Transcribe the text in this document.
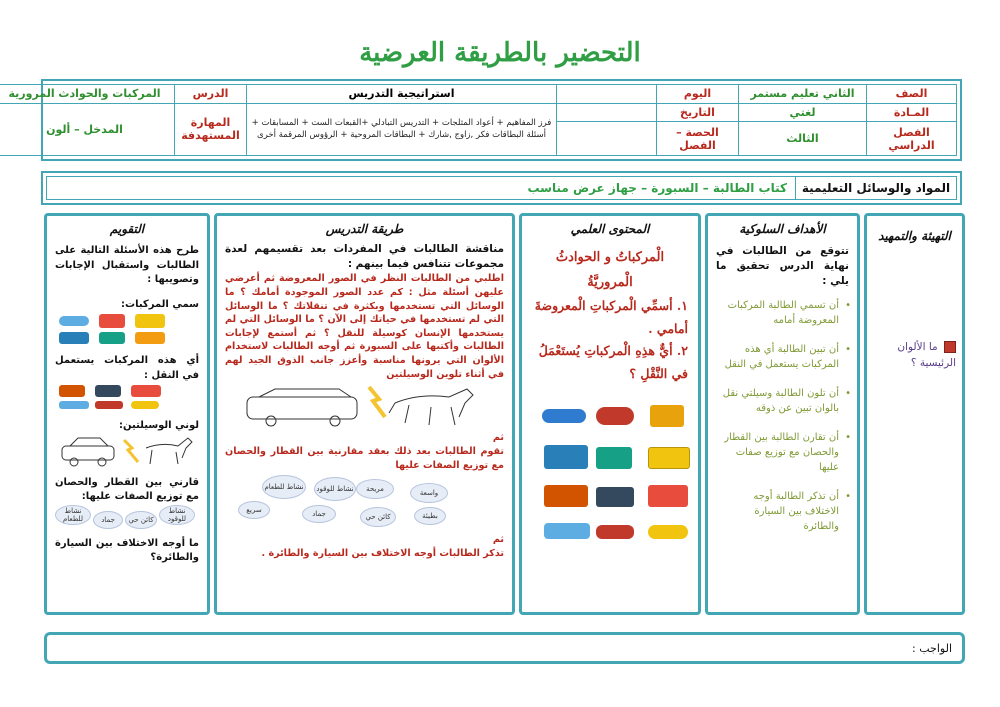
التحضير بالطريقة العرضية
الصف	الثاني تعليم مستمر	اليوم		استراتيجية التدريس	الدرس	المركبات والحوادث المرورية
المـادة	لغتي	التاريخ		فرز المفاهيم + أعواد المثلجات + التدريس التبادلي +القبعات الست + المسابقات + أسئلة البطاقات فكر ,زاوج ,شارك + البطاقات المروحية + الرؤوس المرقمة أخرى	المهارة المستهدفة	المدخل – ألون
الفصل الدراسي	الثالث	الحصة – الفصل				
المواد والوسائل التعليمية
كتاب الطالبة – السبورة – جهاز عرض مناسب
التهيئة والتمهيد
ما الألوان الرئيسية ؟
الأهداف السلوكية
تتوقع من الطالبات في نهاية الدرس تحقيق ما يلي :
• أن تسمي الطالبة المركبات المعروضة أمامه
• أن تبين الطالبة أي هذه المركبات يستعمل في النقل
• أن تلون الطالبة وسيلتي نقل بالوان تبين عن ذوقه
• أن تقارن الطالبة بين القطار والحصان مع توزيع صفات عليها
• أن تذكر الطالبة أوجه الاختلاف بين السيارة والطائرة
المحتوى العلمي
الْمركباتُ و الحوادثُ الْمروريَّةُ
١. أسمِّي الْمركباتِ الْمعروضةَ أمامي .
٢. أيٌّ هذِهِ الْمركباتِ يُستَعْمَلُ في النَّقْلِ ؟
طريقة التدريس
مناقشة الطالبات في المفردات بعد تقسيمهم لعدة مجموعات تتنافس فيما بينهم :
اطلبي من الطالبات النظر في الصور المعروضة ثم أعرضي عليهن أسئلة مثل : كم عدد الصور الموجودة أمامك ؟ ما الوسائل التي تستخدمها وبكثرة في تنقلاتك ؟ ما الوسائل التي لم تستخدمها في حياتك إلى الآن ؟ ما الوسائل التي لم يستخدمها الإنسان كوسيلة للنقل ؟ ثم أستمع لإجابات الطالبات وأكتبها على السبورة ثم أوجه الطالبات لاستخدام الألوان التي يرونها مناسبة وأعزز جانب الذوق الجيد لهم في أثناء تلوين الوسيلتين
ثم
تقوم الطالبات بعد ذلك بعقد مقارنية بين القطار والحصان مع توزيع الصفات عليها
نشاط للطعام	مريحة	واسعة
بطيئة
نشاط للوقود
جماد	كائن حي
سريع
ثم
تذكر الطالبات أوجه الاختلاف بين السيارة والطائرة .
التقويم
طرح هذه الأسئلة التالية على الطالبات واستقبال الإجابات وتصويبها :
سمي المركبات:
أي هذه المركبات يستعمل في النقل :
لوني الوسيلتين:
قارني بين القطار والحصان مع توزيع الصفات عليها:
نشاط للوقود
كائن حي
جماد
نشاط للطعام
ما أوجه الاختلاف بين السيارة والطائرة؟
الواجب :
